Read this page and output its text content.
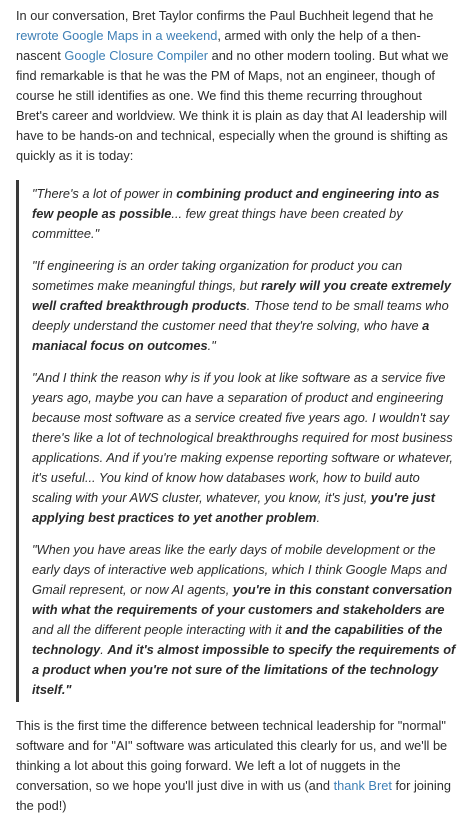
In our conversation, Bret Taylor confirms the Paul Buchheit legend that he rewrote Google Maps in a weekend, armed with only the help of a then-nascent Google Closure Compiler and no other modern tooling. But what we find remarkable is that he was the PM of Maps, not an engineer, though of course he still identifies as one. We find this theme recurring throughout Bret's career and worldview. We think it is plain as day that AI leadership will have to be hands-on and technical, especially when the ground is shifting as quickly as it is today:

"There's a lot of power in combining product and engineering into as few people as possible... few great things have been created by committee."

"If engineering is an order taking organization for product you can sometimes make meaningful things, but rarely will you create extremely well crafted breakthrough products. Those tend to be small teams who deeply understand the customer need that they're solving, who have a maniacal focus on outcomes."

"And I think the reason why is if you look at like software as a service five years ago, maybe you can have a separation of product and engineering because most software as a service created five years ago. I wouldn't say there's like a lot of technological breakthroughs required for most business applications. And if you're making expense reporting software or whatever, it's useful... You kind of know how databases work, how to build auto scaling with your AWS cluster, whatever, you know, it's just, you're just applying best practices to yet another problem.

"When you have areas like the early days of mobile development or the early days of interactive web applications, which I think Google Maps and Gmail represent, or now AI agents, you're in this constant conversation with what the requirements of your customers and stakeholders are and all the different people interacting with it and the capabilities of the technology. And it's almost impossible to specify the requirements of a product when you're not sure of the limitations of the technology itself."

This is the first time the difference between technical leadership for "normal" software and for "AI" software was articulated this clearly for us, and we'll be thinking a lot about this going forward. We left a lot of nuggets in the conversation, so we hope you'll just dive in with us (and thank Bret for joining the pod!)
